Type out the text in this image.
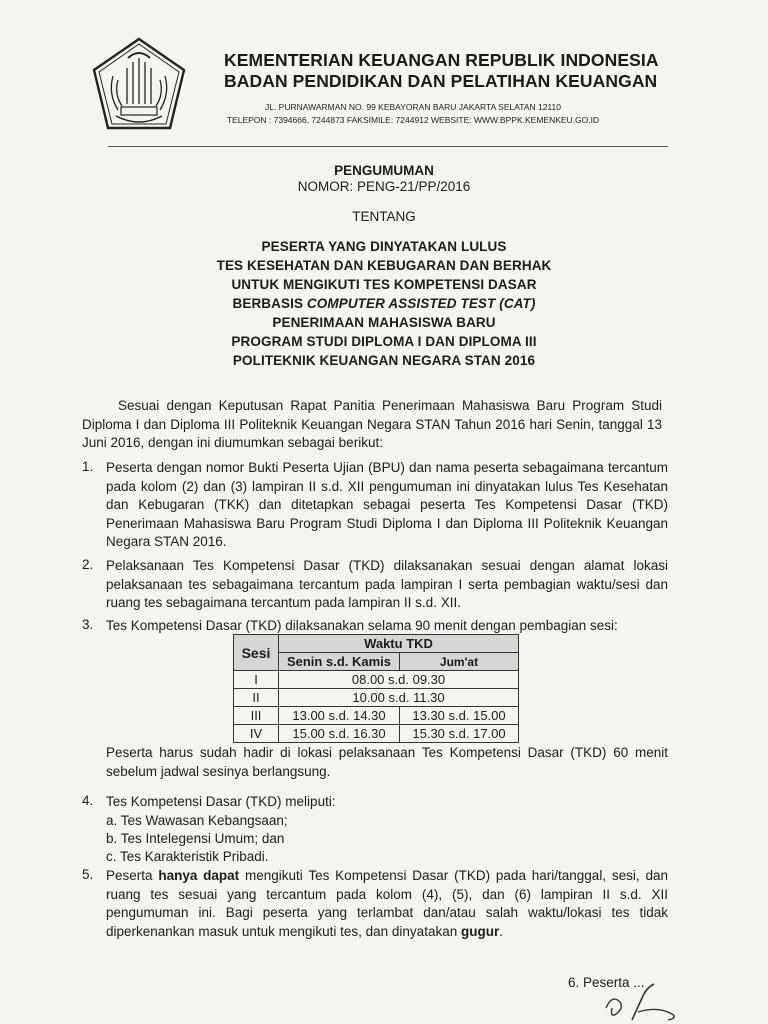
KEMENTERIAN KEUANGAN REPUBLIK INDONESIA
BADAN PENDIDIKAN DAN PELATIHAN KEUANGAN
JL. PURNAWARMAN NO. 99 KEBAYORAN BARU JAKARTA SELATAN 12110
TELEPON : 7394666, 7244873 FAKSIMILE: 7244912 WEBSITE: WWW.BPPK.KEMENKEU.GO.ID
PENGUMUMAN
NOMOR: PENG-21/PP/2016
TENTANG
PESERTA YANG DINYATAKAN LULUS
TES KESEHATAN DAN KEBUGARAN DAN BERHAK
UNTUK MENGIKUTI TES KOMPETENSI DASAR
BERBASIS COMPUTER ASSISTED TEST (CAT)
PENERIMAAN MAHASISWA BARU
PROGRAM STUDI DIPLOMA I DAN DIPLOMA III
POLITEKNIK KEUANGAN NEGARA STAN 2016
Sesuai dengan Keputusan Rapat Panitia Penerimaan Mahasiswa Baru Program Studi Diploma I dan Diploma III Politeknik Keuangan Negara STAN Tahun 2016 hari Senin, tanggal 13 Juni 2016, dengan ini diumumkan sebagai berikut:
1. Peserta dengan nomor Bukti Peserta Ujian (BPU) dan nama peserta sebagaimana tercantum pada kolom (2) dan (3) lampiran II s.d. XII pengumuman ini dinyatakan lulus Tes Kesehatan dan Kebugaran (TKK) dan ditetapkan sebagai peserta Tes Kompetensi Dasar (TKD) Penerimaan Mahasiswa Baru Program Studi Diploma I dan Diploma III Politeknik Keuangan Negara STAN 2016.
2. Pelaksanaan Tes Kompetensi Dasar (TKD) dilaksanakan sesuai dengan alamat lokasi pelaksanaan tes sebagaimana tercantum pada lampiran I serta pembagian waktu/sesi dan ruang tes sebagaimana tercantum pada lampiran II s.d. XII.
3. Tes Kompetensi Dasar (TKD) dilaksanakan selama 90 menit dengan pembagian sesi:
Sesi	Waktu TKD	
	Senin s.d. Kamis	Jum'at
I	08.00 s.d. 09.30	
II	10.00 s.d. 11.30	
III	13.00 s.d. 14.30	13.30 s.d. 15.00
IV	15.00 s.d. 16.30	15.30 s.d. 17.00
Peserta harus sudah hadir di lokasi pelaksanaan Tes Kompetensi Dasar (TKD) 60 menit sebelum jadwal sesinya berlangsung.
4. Tes Kompetensi Dasar (TKD) meliputi:
a. Tes Wawasan Kebangsaan;
b. Tes Intelegensi Umum; dan
c. Tes Karakteristik Pribadi.
5. Peserta hanya dapat mengikuti Tes Kompetensi Dasar (TKD) pada hari/tanggal, sesi, dan ruang tes sesuai yang tercantum pada kolom (4), (5), dan (6) lampiran II s.d. XII pengumuman ini. Bagi peserta yang terlambat dan/atau salah waktu/lokasi tes tidak diperkenankan masuk untuk mengikuti tes, dan dinyatakan gugur.
6. Peserta ...
